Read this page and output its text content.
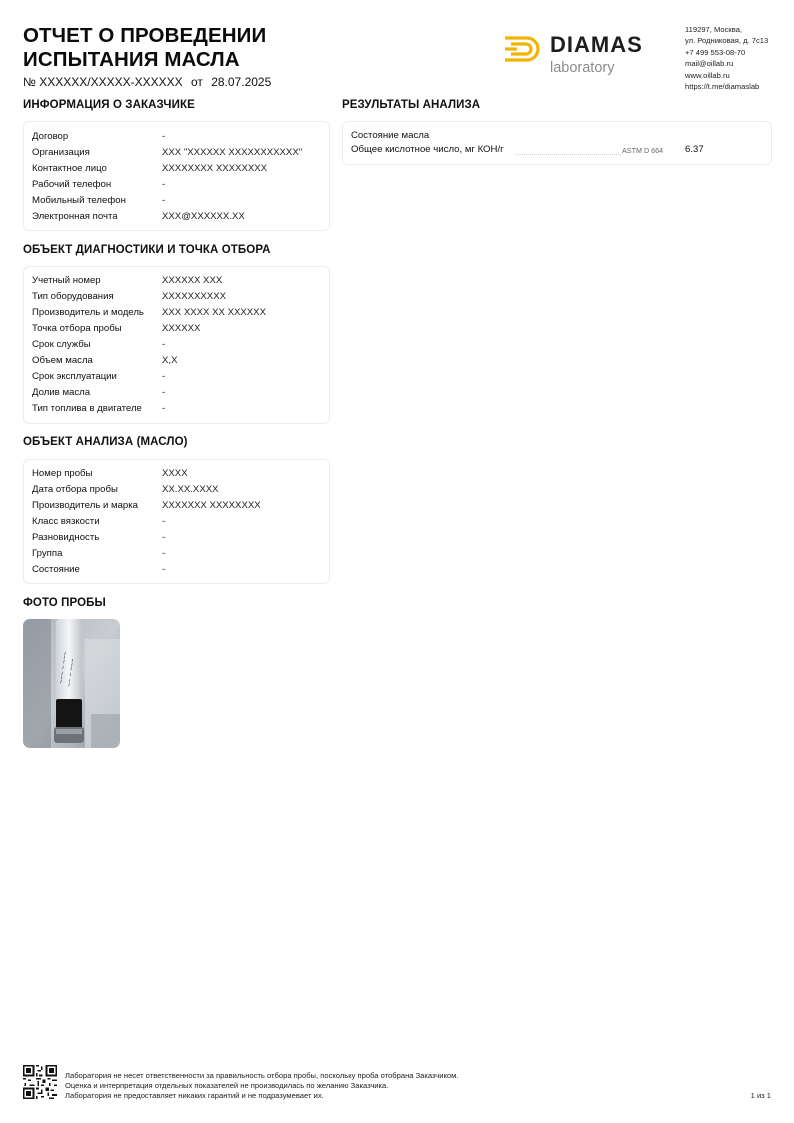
ОТЧЕТ О ПРОВЕДЕНИИ
ИСПЫТАНИЯ МАСЛА
№ XXXXXX/XXXXX-XXXXXX от 28.07.2025
DIAMAS
laboratory
119297, Москва,
ул. Родниковая, д. 7с13
+7 499 553-08-70
mail@oillab.ru
www.oillab.ru
https://t.me/diamaslab
ИНФОРМАЦИЯ О ЗАКАЗЧИКЕ
Договор	-
Организация	XXX "XXXXXX XXXXXXXXXXX"
Контактное лицо	XXXXXXXX XXXXXXXX
Рабочий телефон	-
Мобильный телефон	-
Электронная почта	XXX@XXXXXX.XX
ОБЪЕКТ ДИАГНОСТИКИ И ТОЧКА ОТБОРА
Учетный номер	XXXXXX XXX
Тип оборудования	XXXXXXXXXX
Производитель и модель XXX XXXX XX XXXXXX
Точка отбора пробы	XXXXXX
Срок службы	-
Объем масла	X,X
Срок эксплуатации	-
Долив масла	-
Тип топлива в двигателе -
ОБЪЕКТ АНАЛИЗА (МАСЛО)
Номер пробы	XXXX
Дата отбора пробы	XX.XX.XXXX
Производитель и марка	XXXXXXX XXXXXXXX
Класс вязкости	-
Разновидность	-
Группа	-
Состояние	-
ФОТО ПРОБЫ
~~~ ~ ~~~
~~ ~ ~~~
РЕЗУЛЬТАТЫ АНАЛИЗА
Состояние масла
Общее кислотное число, мг КОН/г	ASTM D 664 6.37
Лаборатория не несет ответственности за правильность отбора пробы, поскольку проба отобрана Заказчиком.
Оценка и интерпретация отдельных показателей не производилась по желанию Заказчика.
Лаборатория не предоставляет никаких гарантий и не подразумевает их.	1 из 1
